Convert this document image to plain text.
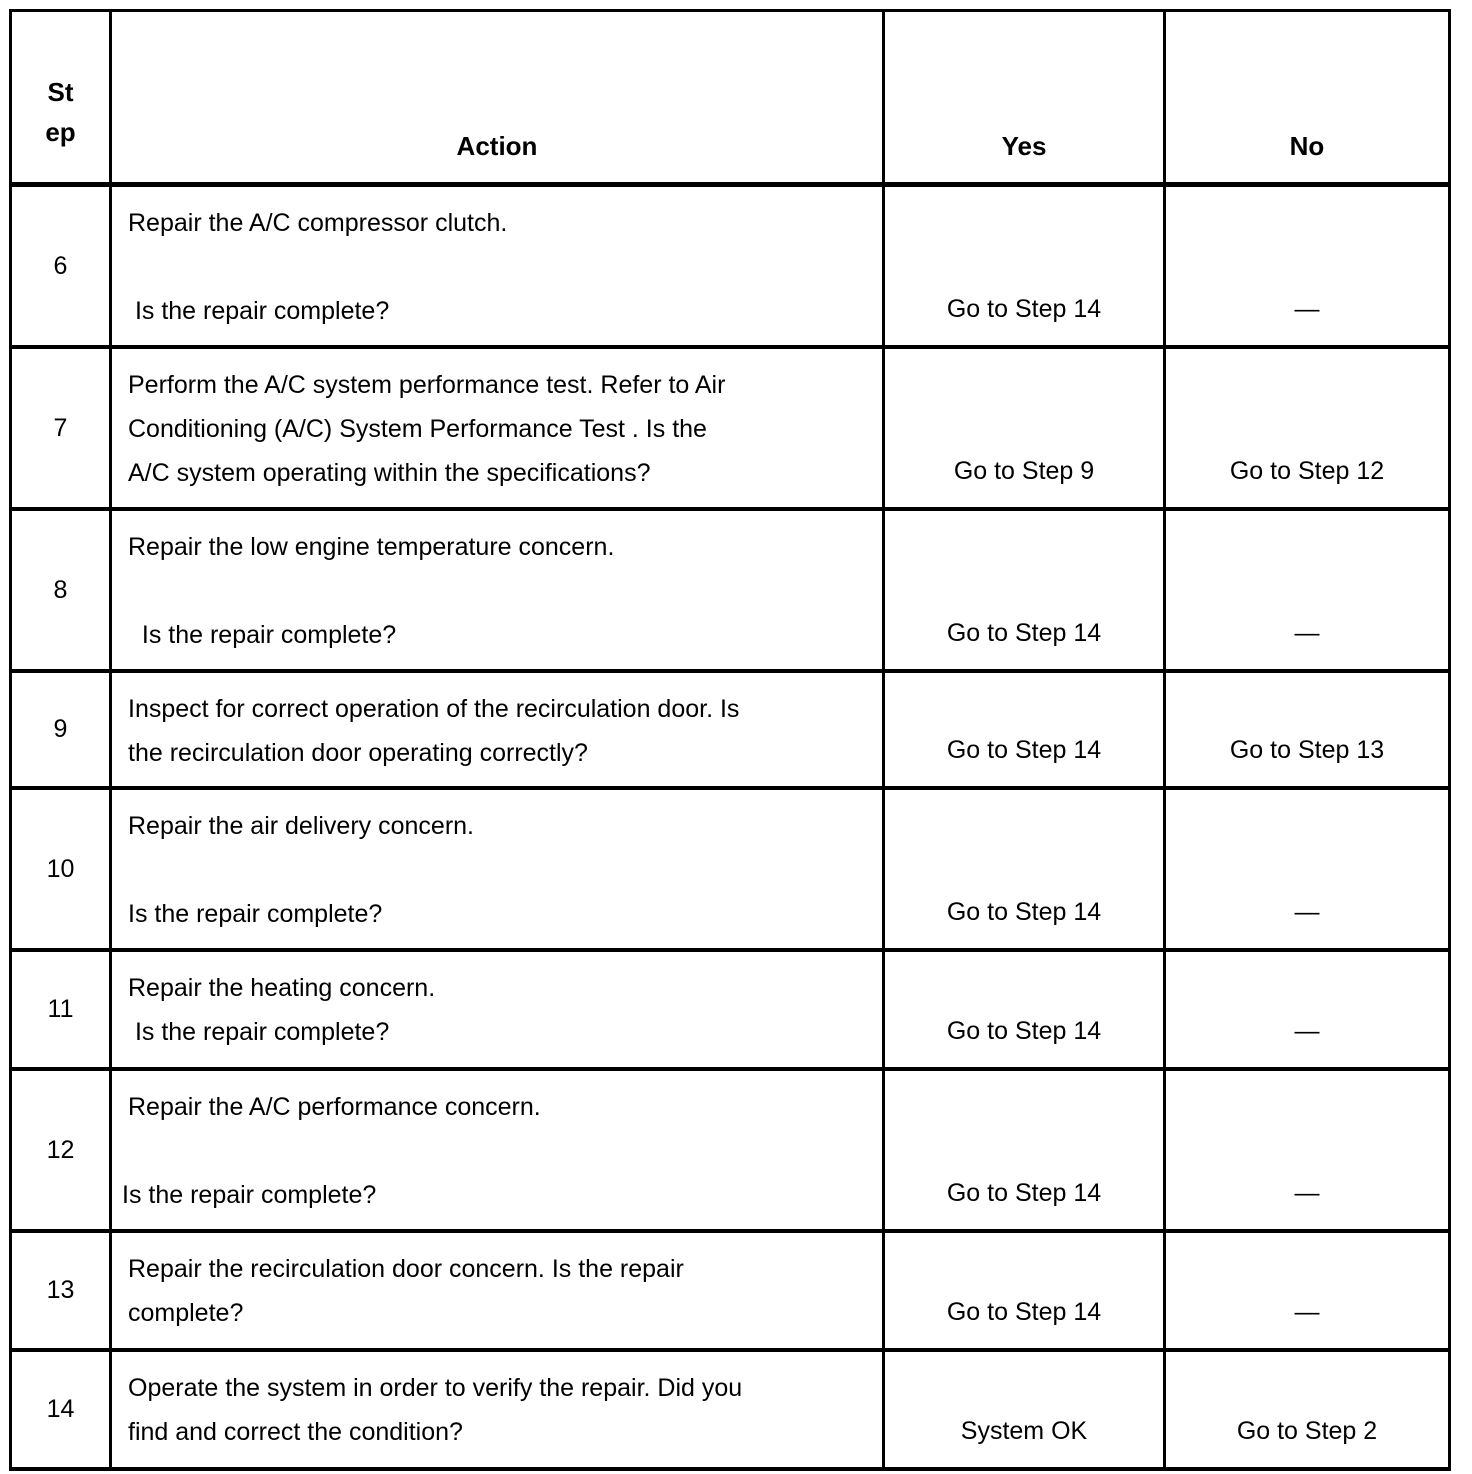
St
ep	Action	Yes	No
6	Repair the A/C compressor clutch.
Is the repair complete?	Go to Step 14	—
7	Perform the A/C system performance test. Refer to Air
Conditioning (A/C) System Performance Test . Is the
A/C system operating within the specifications?	Go to Step 9	Go to Step 12
8	Repair the low engine temperature concern.
Is the repair complete?	Go to Step 14	—
9	Inspect for correct operation of the recirculation door. Is
the recirculation door operating correctly?	Go to Step 14	Go to Step 13
10	Repair the air delivery concern.
Is the repair complete?	Go to Step 14	—
11	Repair the heating concern.
Is the repair complete?	Go to Step 14	—
12	Repair the A/C performance concern.
Is the repair complete?	Go to Step 14	—
13	Repair the recirculation door concern. Is the repair
complete?	Go to Step 14	—
14	Operate the system in order to verify the repair. Did you
find and correct the condition?	System OK	Go to Step 2
